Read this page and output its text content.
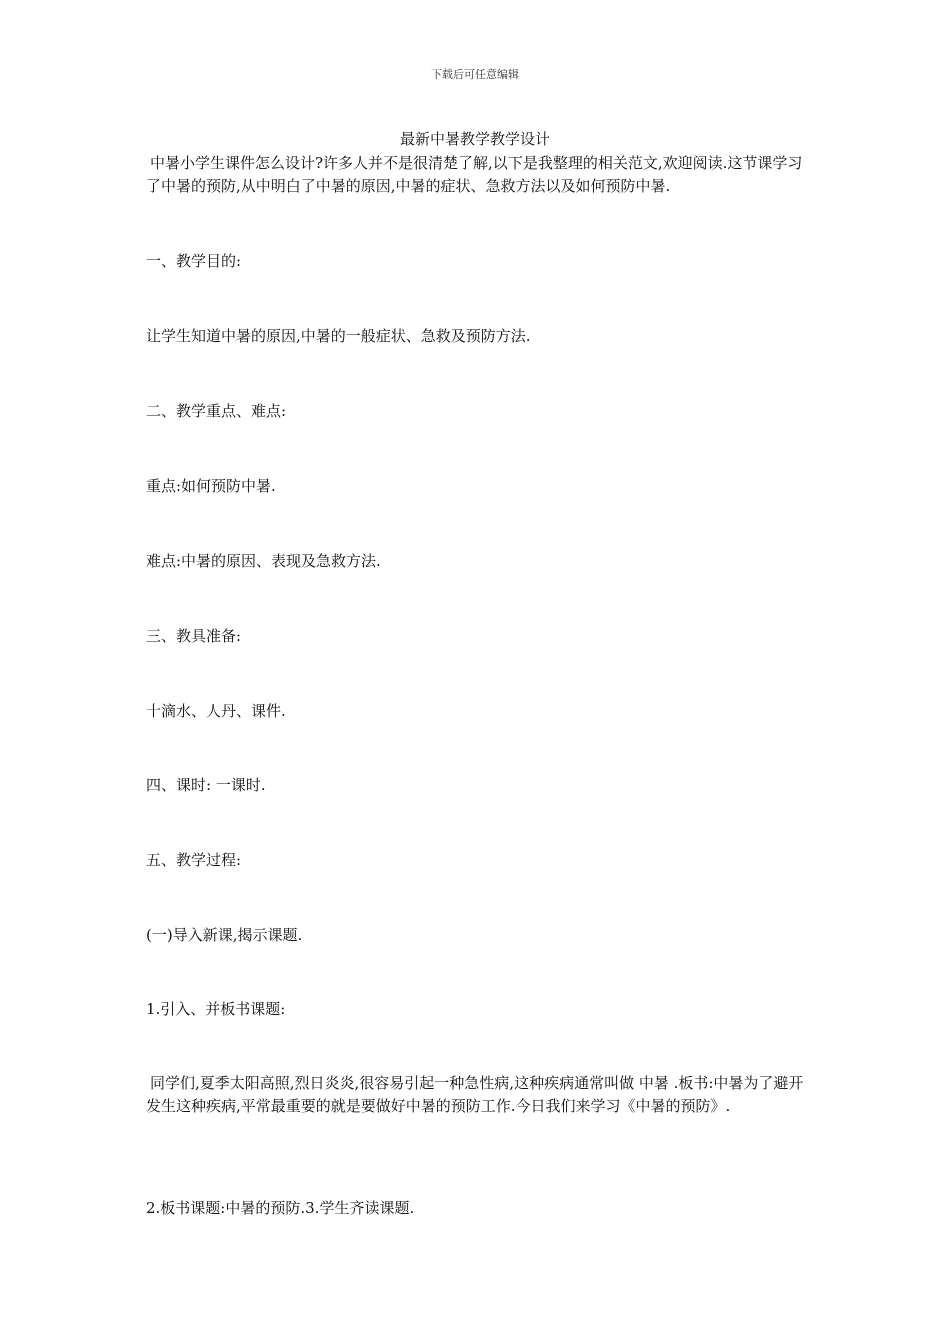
下载后可任意编辑
最新中暑教学教学设计

中暑小学生课件怎么设计?许多人并不是很清楚了解,以下是我整理的相关范文,欢迎阅读.这节课学习了中暑的预防,从中明白了中暑的原因,中暑的症状、急救方法以及如何预防中暑.

一、教学目的:

让学生知道中暑的原因,中暑的一般症状、急救及预防方法.

二、教学重点、难点:

重点:如何预防中暑.

难点:中暑的原因、表现及急救方法.

三、教具准备:

十滴水、人丹、课件.

四、课时: 一课时.

五、教学过程:

(一)导入新课,揭示课题.

1.引入、并板书课题:

同学们,夏季太阳高照,烈日炎炎,很容易引起一种急性病,这种疾病通常叫做 中暑 .板书:中暑为了避开发生这种疾病,平常最重要的就是要做好中暑的预防工作.今日我们来学习《中暑的预防》.

2.板书课题:中暑的预防.3.学生齐读课题.
